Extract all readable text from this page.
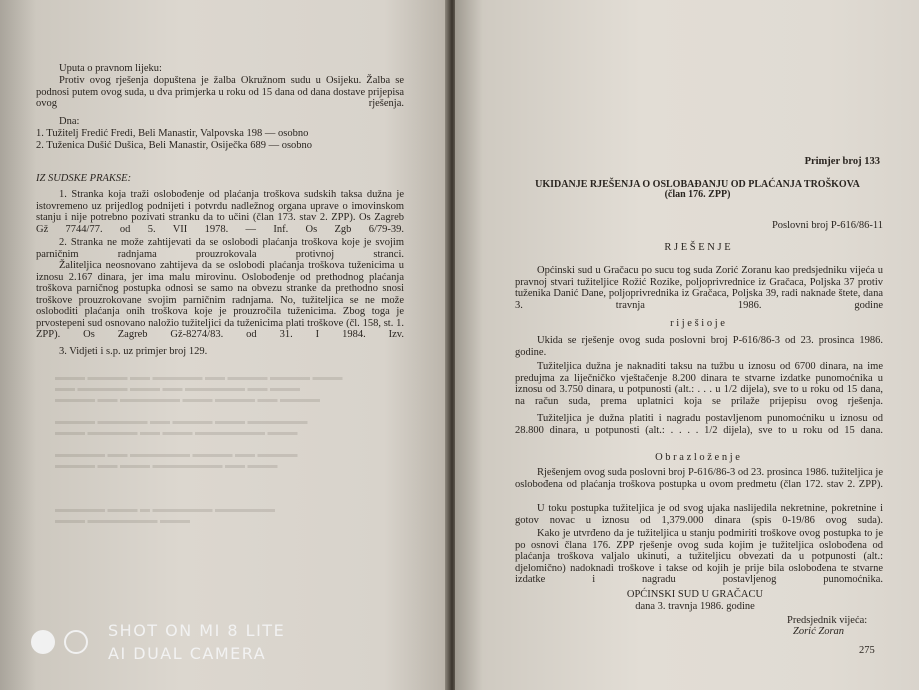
▬▬▬ ▬▬▬▬ ▬▬ ▬▬▬▬▬ ▬▬ ▬▬▬▬ ▬▬▬▬ ▬▬▬
▬▬ ▬▬▬▬▬ ▬▬▬ ▬▬ ▬▬▬▬▬▬ ▬▬ ▬▬▬
▬▬▬▬ ▬▬ ▬▬▬▬▬▬ ▬▬▬ ▬▬▬▬ ▬▬ ▬▬▬▬

▬▬▬▬ ▬▬▬▬▬ ▬▬ ▬▬▬▬ ▬▬▬ ▬▬▬▬▬▬
▬▬▬ ▬▬▬▬▬ ▬▬ ▬▬▬ ▬▬▬▬▬▬▬ ▬▬▬

▬▬▬▬▬ ▬▬ ▬▬▬▬▬▬ ▬▬▬▬ ▬▬ ▬▬▬▬
▬▬▬▬ ▬▬ ▬▬▬ ▬▬▬▬▬▬▬ ▬▬ ▬▬▬

▬▬▬▬▬ ▬▬▬ ▬ ▬▬▬▬▬▬ ▬▬▬▬▬▬
▬▬▬ ▬▬▬▬▬▬▬ ▬▬▬

Uputa o pravnom lijeku:

Protiv ovog rješenja dopuštena je žalba Okružnom sudu u Osijeku. Žalba se podnosi putem ovog suda, u dva primjerka u roku od 15 dana od dana dostave prijepisa ovog rješenja.

Dna:

1. Tužitelj Fredić Fredi, Beli Manastir, Valpovska 198 — osobno

2. Tuženica Dušić Dušica, Beli Manastir, Osiječka 689 — osobno

IZ SUDSKE PRAKSE:

1. Stranka koja traži oslobođenje od plaćanja troškova sudskih taksa dužna je istovremeno uz prijedlog podnijeti i potvrdu nadležnog organa uprave o imovinskom stanju i nije potrebno pozivati stranku da to učini (član 173. stav 2. ZPP). Os Zagreb Gž 7744/77. od 5. VII 1978. — Inf. Os Zgb 6/79-39.

2. Stranka ne može zahtijevati da se oslobodi plaćanja troškova koje je svojim parničnim radnjama prouzrokovala protivnoj stranci.

Žaliteljica neosnovano zahtijeva da se oslobodi plaćanja troškova tuženicima u iznosu 2.167 dinara, jer ima malu mirovinu. Oslobođenje od prethodnog plaćanja troškova parničnog postupka odnosi se samo na obvezu stranke da prethodno snosi troškove prouzrokovane svojim parničnim radnjama. No, tužiteljica se ne može osloboditi plaćanja onih troškova koje je prouzročila tuženicima. Zbog toga je prvostepeni sud osnovano naložio tužiteljici da tuženicima plati troškove (čl. 158, st. 1. ZPP). Os Zagreb Gž-8274/83. od 31. I 1984. Izv.

3. Vidjeti i s.p. uz primjer broj 129.

Primjer broj 133

UKIDANJE RJEŠENJA O OSLOBAĐANJU OD PLAĆANJA TROŠKOVA

(član 176. ZPP)

Poslovni broj P-616/86-11

R J E Š E N J E

Općinski sud u Gračacu po sucu tog suda Zorić Zoranu kao predsjedniku vijeća u pravnoj stvari tužiteljice Rožić Rozike, poljoprivrednice iz Gračaca, Poljska 37 protiv tuženika Danić Dane, poljoprivrednika iz Gračaca, Poljska 39, radi naknade štete, dana 3. travnja 1986. godine

r i j e š i o j e

Ukida se rješenje ovog suda poslovni broj P-616/86-3 od 23. prosinca 1986. godine.

Tužiteljica dužna je naknaditi taksu na tužbu u iznosu od 6700 dinara, na ime predujma za liječničko vještačenje 8.200 dinara te stvarne izdatke punomoćnika u iznosu od 3.750 dinara, u potpunosti (alt.: . . . u 1/2 dijela), sve to u roku od 15 dana, na račun suda, prema uplatnici koja se prilaže prijepisu ovog rješenja.

Tužiteljica je dužna platiti i nagradu postavljenom punomoćniku u iznosu od 28.800 dinara, u potpunosti (alt.: . . . . 1/2 dijela), sve to u roku od 15 dana.

O b r a z l o ž e n j e

Rješenjem ovog suda poslovni broj P-616/86-3 od 23. prosinca 1986. tužiteljica je oslobođena od plaćanja troškova postupka u ovom predmetu (član 172. stav 2. ZPP).

U toku postupka tužiteljica je od svog ujaka naslijedila nekretnine, pokretnine i gotov novac u iznosu od 1,379.000 dinara (spis 0-19/86 ovog suda).

Kako je utvrđeno da je tužiteljica u stanju podmiriti troškove ovog postupka to je po osnovi člana 176. ZPP rješenje ovog suda kojim je tužiteljica oslobođena od plaćanja troškova valjalo ukinuti, a tužiteljicu obvezati da u potpunosti (alt.: djelomično) nadoknadi troškove i takse od kojih je prije bila oslobođena te stvarne izdatke i nagradu postavljenog punomoćnika.

OPĆINSKI SUD U GRAČACU

dana 3. travnja 1986. godine

Predsjednik vijeća:

Zorić Zoran

275

SHOT ON MI 8 LITE
AI DUAL CAMERA
